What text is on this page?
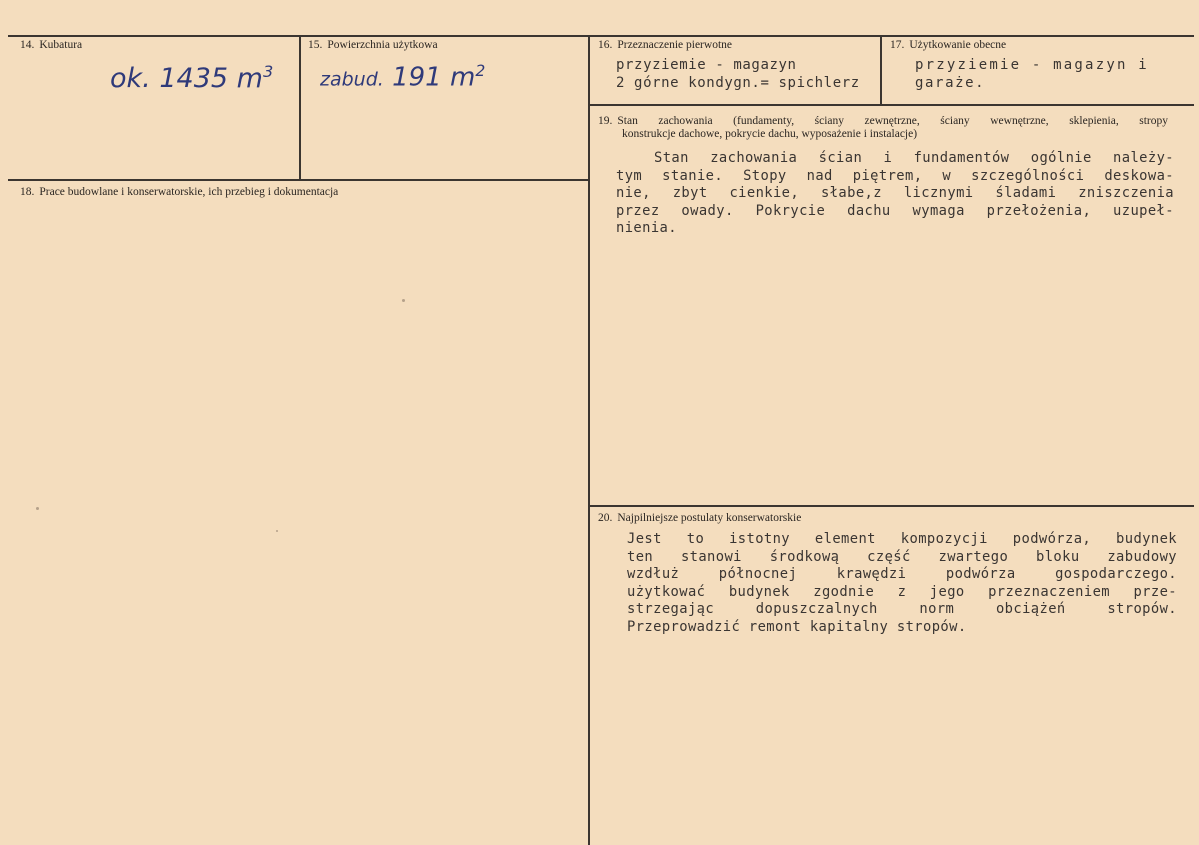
14. Kubatura
ok. 1435 $m^3$
15. Powierzchnia użytkowa
zabud. 191 $m^2$
16. Przeznaczenie pierwotne
przyziemie - magazyn
2 górne kondygn.= spichlerz
17. Użytkowanie obecne
przyziemie - magazyn i
garaże.
18. Prace budowlane i konserwatorskie, ich przebieg i dokumentacja
19. Stan zachowania (fundamenty, ściany zewnętrzne, ściany wewnętrzne, sklepienia, stropy
konstrukcje dachowe, pokrycie dachu, wyposażenie i instalacje)
Stan zachowania ścian i fundamentów ogólnie należy-
tym stanie. Stopy nad piętrem, w szczególności deskowa-
nie, zbyt cienkie, słabe,z licznymi śladami zniszczenia
przez owady. Pokrycie dachu wymaga przełożenia, uzupeł-
nienia.
20. Najpilniejsze postulaty konserwatorskie
Jest to istotny element kompozycji podwórza, budynek
ten stanowi środkową część zwartego bloku zabudowy
wzdłuż północnej krawędzi podwórza gospodarczego.
użytkować budynek zgodnie z jego przeznaczeniem prze-
strzegając dopuszczalnych norm obciążeń stropów.
Przeprowadzić remont kapitalny stropów.
